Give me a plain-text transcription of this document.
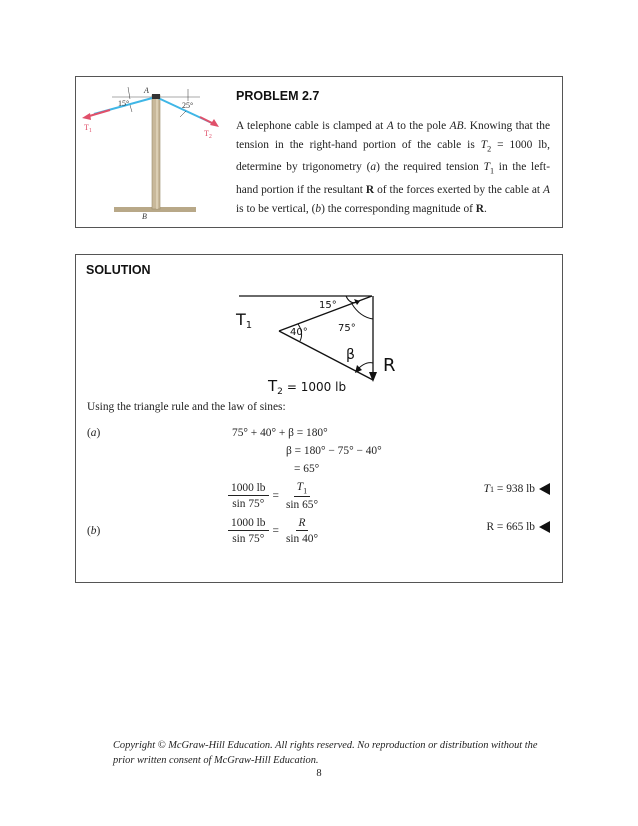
A
B
15°	25°
$T_1$	$T_2$
PROBLEM 2.7
A telephone cable is clamped at A to the pole AB. Knowing that the tension in the right-hand portion of the cable is $T_2 = 1000$ lb, determine by trigonometry (a) the required tension $T_1$ in the left-hand portion if the resultant R of the forces exerted by the cable at A is to be vertical, (b) the corresponding magnitude of R.
SOLUTION
15°
75°
40°
β R
T1
$T_2$ $^{= 1000 lb}$
Using the triangle rule and the law of sines:
(a)	75° + 40° + β = 180°
β = 180° − 75° − 40°
= 65°
$\frac{1000 lb}{\sin 75^\circ} = \frac{T_1}{\sin 65^\circ}$	T 1
= 938 lb
(b)	$\frac{1000 lb}{\sin 75^\circ} = \frac{R}{\sin 40^\circ}$	R = 665 lb
Copyright © McGraw-Hill Education. All rights reserved. No reproduction or distribution without the prior written consent of McGraw-Hill Education.
8
